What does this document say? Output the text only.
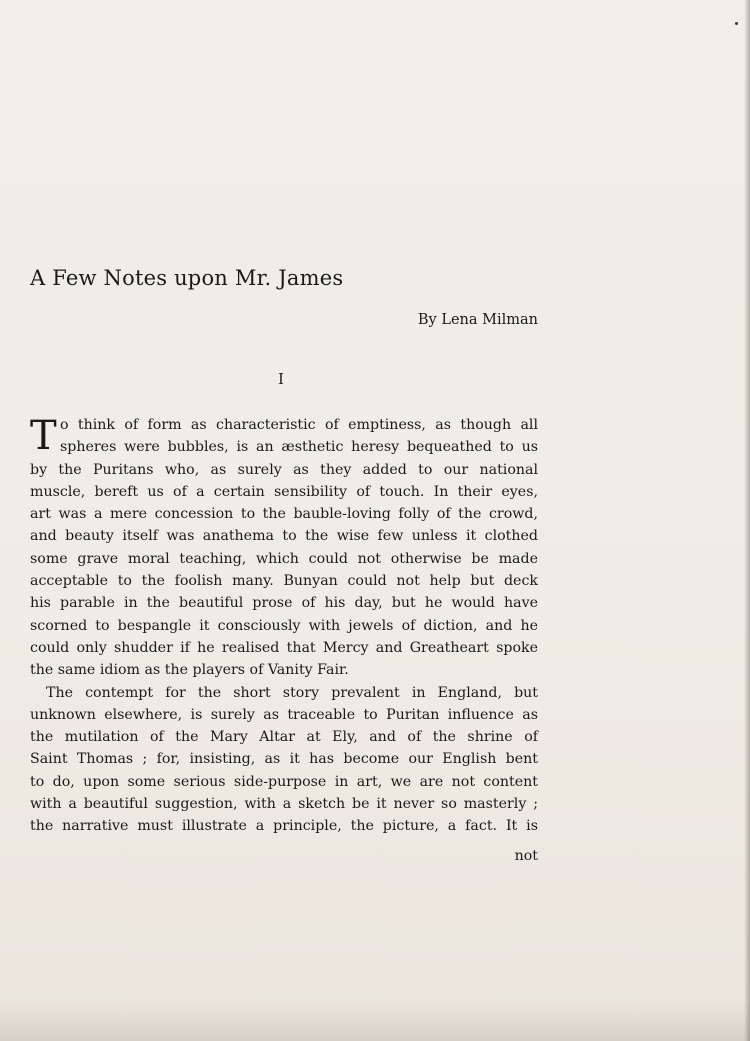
A Few Notes upon Mr. James

By Lena Milman

I

T o think of form as characteristic of emptiness, as though all
spheres were bubbles, is an æsthetic heresy bequeathed to us
by the Puritans who, as surely as they added to our national
muscle, bereft us of a certain sensibility of touch. In their eyes,
art was a mere concession to the bauble-loving folly of the crowd,
and beauty itself was anathema to the wise few unless it clothed
some grave moral teaching, which could not otherwise be made
acceptable to the foolish many. Bunyan could not help but deck
his parable in the beautiful prose of his day, but he would have
scorned to bespangle it consciously with jewels of diction, and he
could only shudder if he realised that Mercy and Greatheart spoke
the same idiom as the players of Vanity Fair.
The contempt for the short story prevalent in England, but
unknown elsewhere, is surely as traceable to Puritan influence as
the mutilation of the Mary Altar at Ely, and of the shrine of
Saint Thomas ; for, insisting, as it has become our English bent
to do, upon some serious side-purpose in art, we are not content
with a beautiful suggestion, with a sketch be it never so masterly ;
the narrative must illustrate a principle, the picture, a fact. It is

not
